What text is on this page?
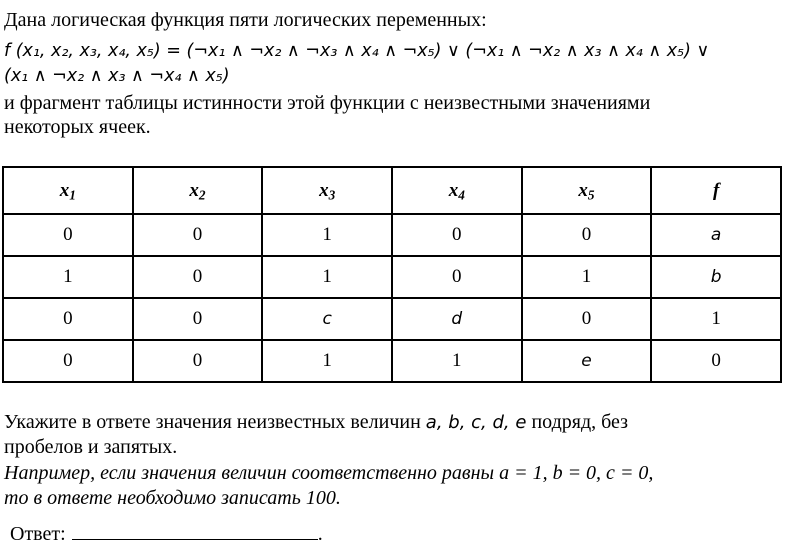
Дана логическая функция пяти логических переменных:
f (x₁, x₂, x₃, x₄, x₅) = (¬x₁ ∧ ¬x₂ ∧ ¬x₃ ∧ x₄ ∧ ¬x₅) ∨ (¬x₁ ∧ ¬x₂ ∧ x₃ ∧ x₄ ∧ x₅) ∨
(x₁ ∧ ¬x₂ ∧ x₃ ∧ ¬x₄ ∧ x₅)
и фрагмент таблицы истинности этой функции с неизвестными значениями
некоторых ячеек.
$x_1$	$x_2$	$x_3$	$x_4$	$x_5$	f
0	0	1	0	0	a
1	0	1	0	1	b
0	0	c	d	0	1
0	0	1	1	e	0
Укажите в ответе значения неизвестных величин a, b, c, d, e подряд, без
пробелов и запятых.
Например, если значения величин соответственно равны a = 1, b = 0, c = 0,
то в ответе необходимо записать 100.
Ответ:	.
